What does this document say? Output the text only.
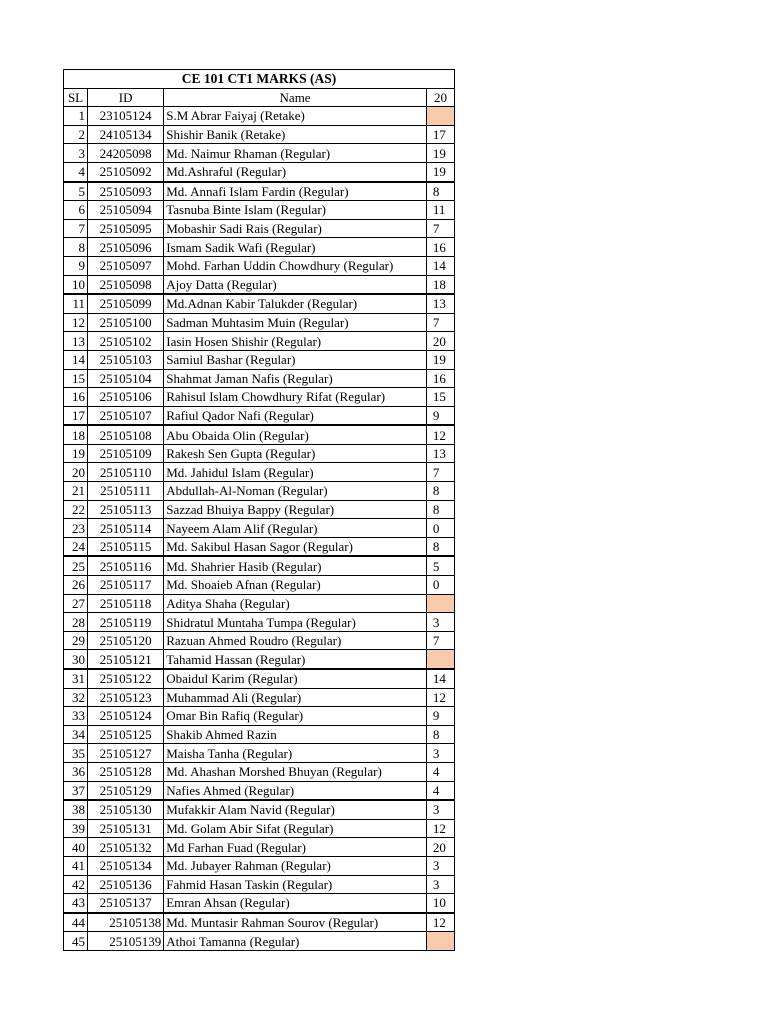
CE 101 CT1 MARKS (AS)			
SL	ID	Name	20
1	23105124	S.M Abrar Faiyaj (Retake)	
2	24105134	Shishir Banik (Retake)	17
3	24205098	Md. Naimur Rhaman (Regular)	19
4	25105092	Md.Ashraful (Regular)	19
5	25105093	Md. Annafi Islam Fardin (Regular)	8
6	25105094	Tasnuba Binte Islam (Regular)	11
7	25105095	Mobashir Sadi Rais (Regular)	7
8	25105096	Ismam Sadik Wafi (Regular)	16
9	25105097	Mohd. Farhan Uddin Chowdhury (Regular)	14
10	25105098	Ajoy Datta (Regular)	18
11	25105099	Md.Adnan Kabir Talukder (Regular)	13
12	25105100	Sadman Muhtasim Muin (Regular)	7
13	25105102	Iasin Hosen Shishir (Regular)	20
14	25105103	Samiul Bashar (Regular)	19
15	25105104	Shahmat Jaman Nafis (Regular)	16
16	25105106	Rahisul Islam Chowdhury Rifat (Regular)	15
17	25105107	Rafiul Qador Nafi (Regular)	9
18	25105108	Abu Obaida Olin (Regular)	12
19	25105109	Rakesh Sen Gupta (Regular)	13
20	25105110	Md. Jahidul Islam (Regular)	7
21	25105111	Abdullah-Al-Noman (Regular)	8
22	25105113	Sazzad Bhuiya Bappy (Regular)	8
23	25105114	Nayeem Alam Alif (Regular)	0
24	25105115	Md. Sakibul Hasan Sagor (Regular)	8
25	25105116	Md. Shahrier Hasib (Regular)	5
26	25105117	Md. Shoaieb Afnan (Regular)	0
27	25105118	Aditya Shaha (Regular)	
28	25105119	Shidratul Muntaha Tumpa (Regular)	3
29	25105120	Razuan Ahmed Roudro (Regular)	7
30	25105121	Tahamid Hassan (Regular)	
31	25105122	Obaidul Karim (Regular)	14
32	25105123	Muhammad Ali (Regular)	12
33	25105124	Omar Bin Rafiq (Regular)	9
34	25105125	Shakib Ahmed Razin	8
35	25105127	Maisha Tanha (Regular)	3
36	25105128	Md. Ahashan Morshed Bhuyan (Regular)	4
37	25105129	Nafies Ahmed (Regular)	4
38	25105130	Mufakkir Alam Navid (Regular)	3
39	25105131	Md. Golam Abir Sifat (Regular)	12
40	25105132	Md Farhan Fuad (Regular)	20
41	25105134	Md. Jubayer Rahman (Regular)	3
42	25105136	Fahmid Hasan Taskin (Regular)	3
43	25105137	Emran Ahsan (Regular)	10
44	25105138	Md. Muntasir Rahman Sourov (Regular)	12
45	25105139	Athoi Tamanna (Regular)	
